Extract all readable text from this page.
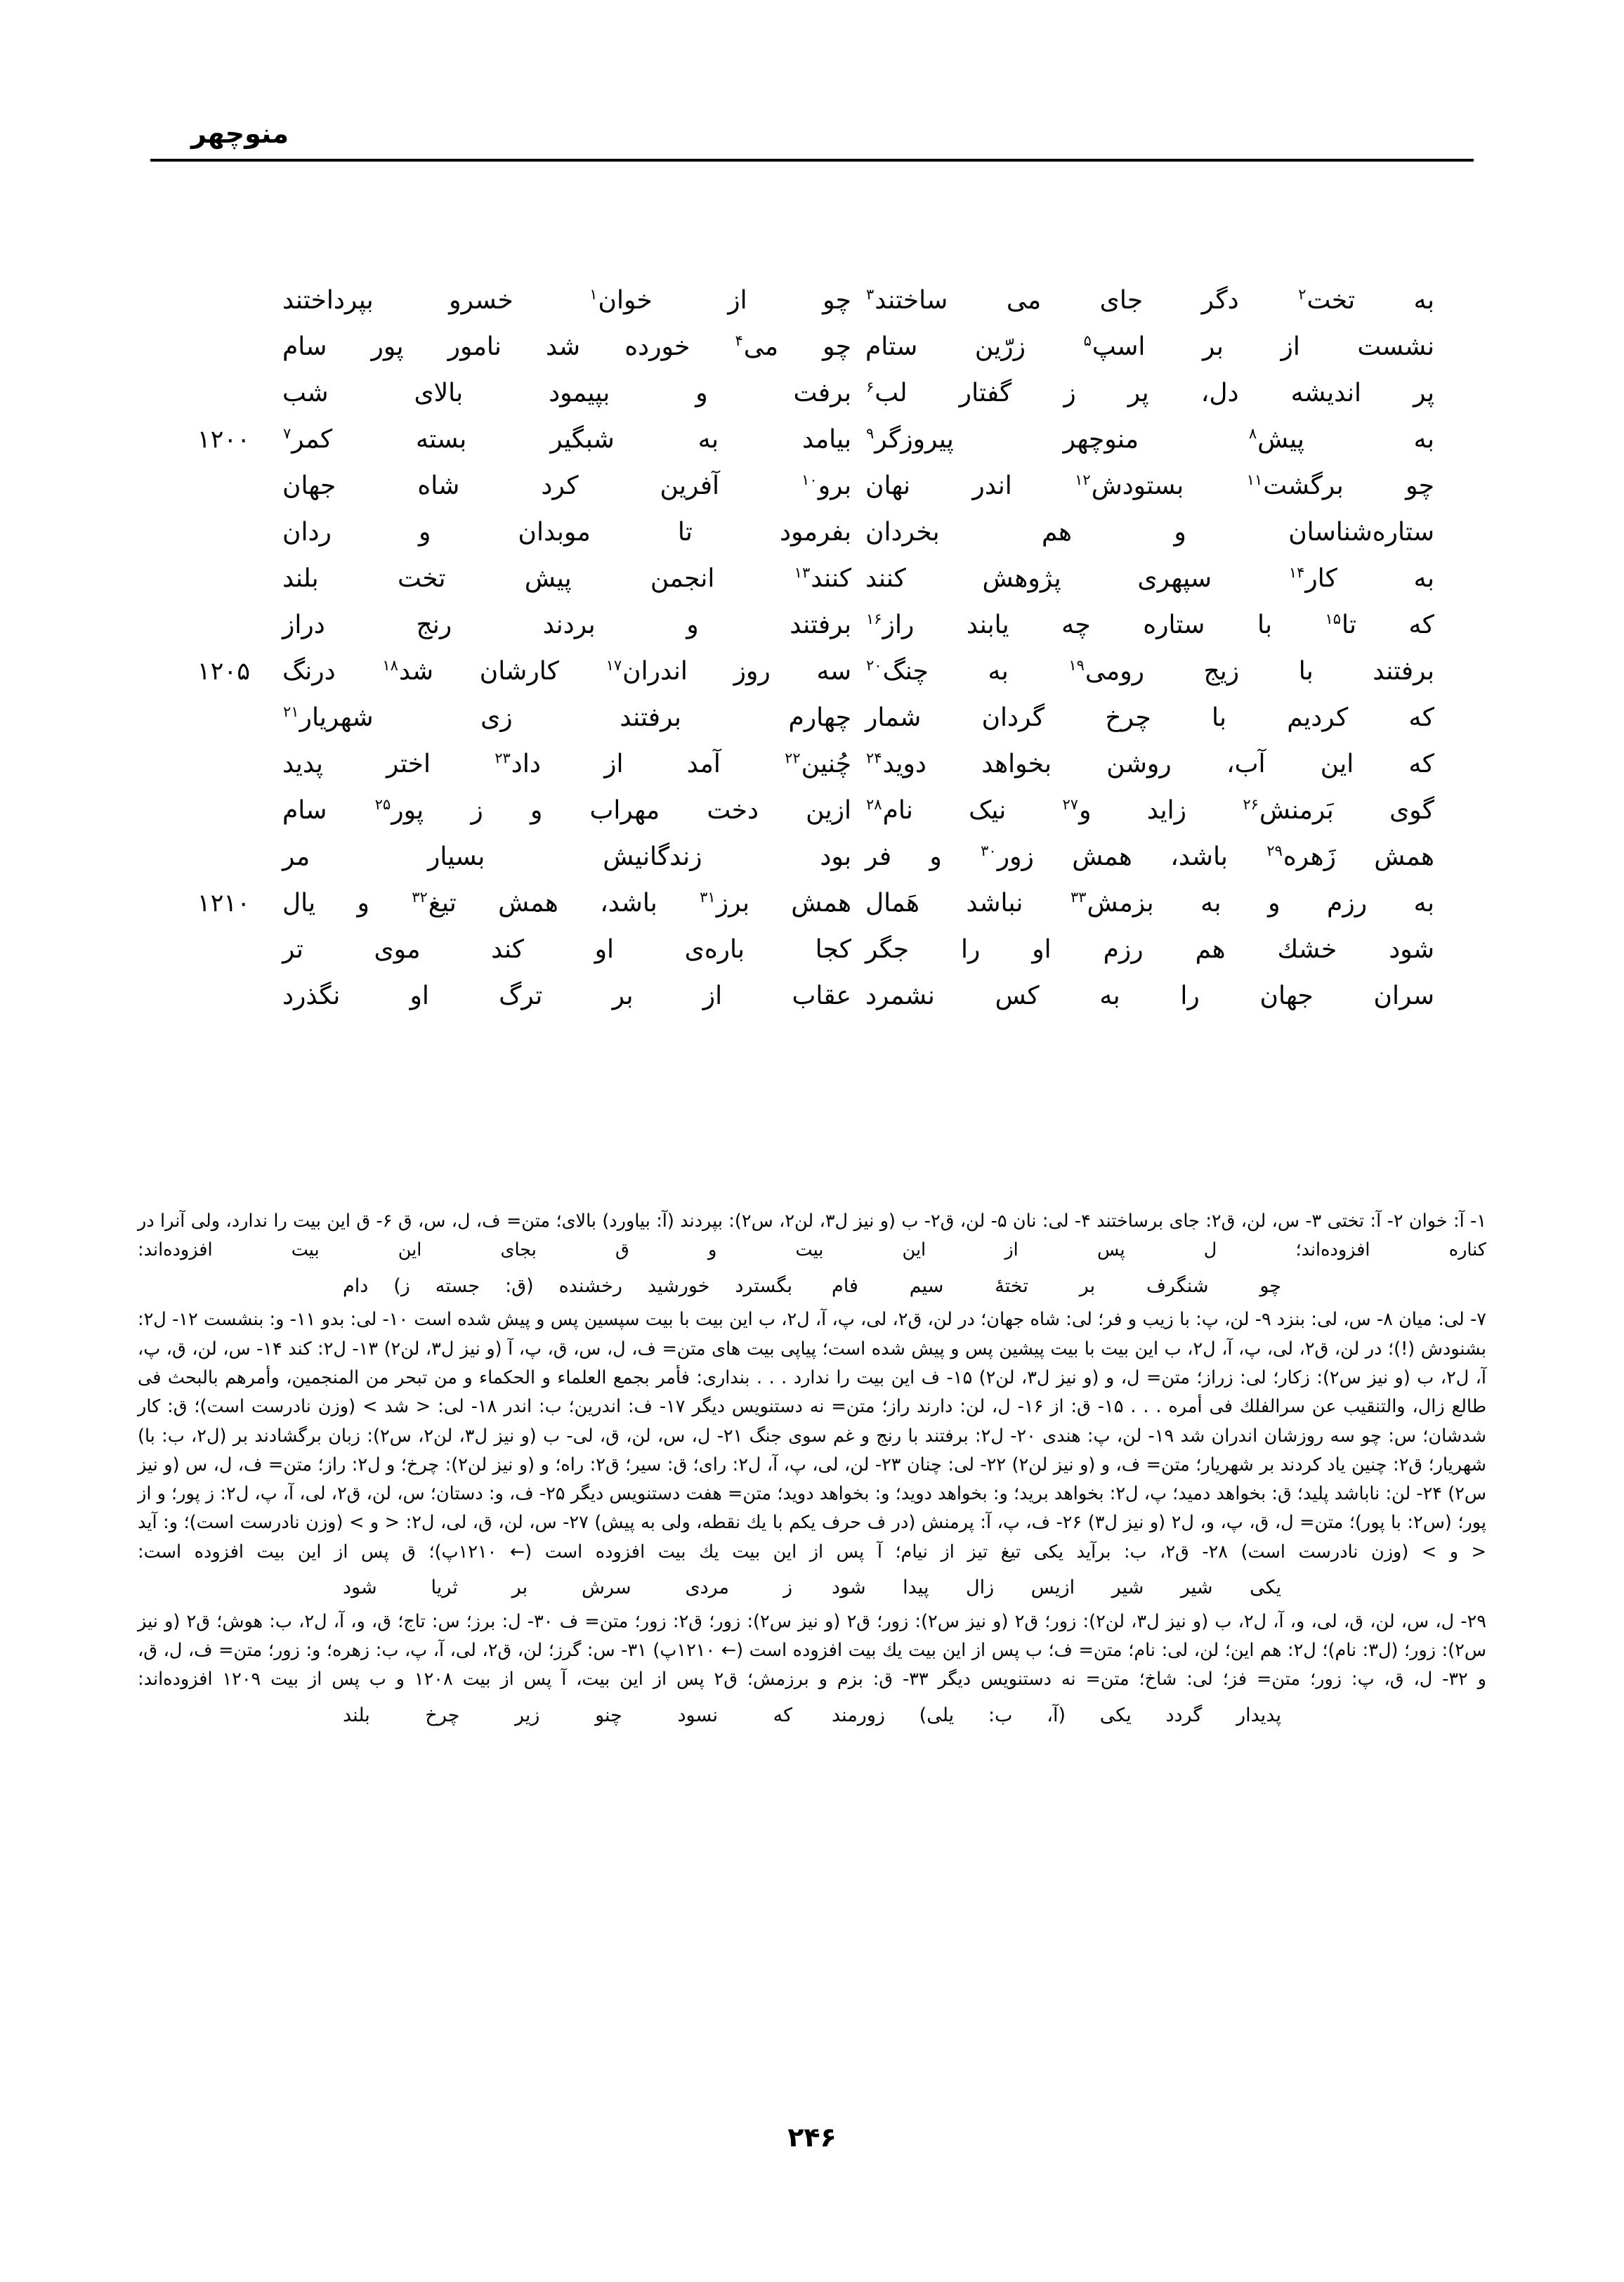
منوچهر
به تخت$^٢$ دگر جای می ساختند$^٣$
چو از خوان$^١$ خسرو بپرداختند
نشست از بر اسپ$^۵$ زرّین ستام
چو می$^۴$ خورده شد نامور پور سام
پر اندیشه دل، پر ز گفتار لب$^۶$
برفت و بپیمود بالای شب
به پیش$^٨$ منوچهر پیروزگر$^٩$
بیامد به شبگیر بسته کمر$^٧$
۱۲۰۰
چو برگشت$^{١١}$ بستودش$^{١٢}$ اندر نهان
برو$^{١٠}$ آفرین کرد شاه جهان
ستاره‌شناسان و هم بخردان
بفرمود تا موبدان و ردان
به کار$^{١۴}$ سپهری پژوهش کنند
کنند$^{١٣}$ انجمن پیش تخت بلند
که تا$^{١۵}$ با ستاره چه یابند راز$^{١۶}$
برفتند و بردند رنج دراز
برفتند با زیج رومی$^{١٩}$ به چنگ$^{٢٠}$
سه روز اندران$^{١٧}$ کارشان شد$^{١٨}$ درنگ
۱۲۰۵
که کردیم با چرخ گردان شمار
چهارم برفتند زی شهریار$^{٢١}$
که این آب، روشن بخواهد دوید$^{٢۴}$
چُنین$^{٢٢}$ آمد از داد$^{٢٣}$ اختر پدید
گوی بَرمنش$^{٢۶}$ زاید و$^{٢٧}$ نیک نام$^{٢٨}$
ازین دخت مهراب و ز پور$^{٢۵}$ سام
همش زَهره$^{٢٩}$ باشد، همش زور$^{٣٠}$ و فر
بود زندگانیش بسیار مر
به رزم و به بزمش$^{٣٣}$ نباشد هَمال
همش برز$^{٣١}$ باشد، همش تیغ$^{٣٢}$ و یال
۱۲۱۰
شود خشك هم رزم او را جگر
کجا باره‌ی او کند موی تر
سران جهان را به کس نشمرد
عقاب از بر ترگ او نگذرد

۱- آ: خوان ۲- آ: تختی ۳- س، لن، ق٢: جای برساختند ۴- لی: نان ۵- لن، ق٢- ب (و نیز ل٣، لن٢، س٢): بپردند (آ: بیاورد) بالای؛ متن= ف، ل، س، ق ۶- ق این بیت را ندارد، ولی آنرا در کناره افزوده‌اند؛ ل پس از این بیت و ق بجای این بیت افزوده‌اند:

چو شنگرف بر تختهٔ سیم فام
بگسترد خورشید رخشنده (ق: جسته ز) دام

٧- لی: میان ٨- س، لی: بنزد ٩- لن، پ: با زیب و فر؛ لی: شاه جهان؛ در لن، ق٢، لی، پ، آ، ل٢، ب این بیت با بیت سپسین پس و پیش شده است ١٠- لی: بدو ١١- و: بنشست ١٢- ل٢: بشنودش (!)؛ در لن، ق٢، لی، پ، آ، ل٢، ب این بیت با بیت پیشین پس و پیش شده است؛ پیاپی بیت های متن= ف، ل، س، ق، پ، آ (و نیز ل٣، لن٢) ١٣- ل٢: کند ١۴- س، لن، ق، پ، آ، ل٢، ب (و نیز س٢): زکار؛ لی: زراز؛ متن= ل، و (و نیز ل٣، لن٢) ١۵- ف این بیت را ندارد . . . بنداری: فأمر بجمع العلماء و الحكماء و من تبحر من المنجمین، وأمرهم بالبحث فی طالع زال، والتنقیب عن سرالفلك فی أمره . . . ١۵- ق: از ١۶- ل، لن: دارند راز؛ متن= نه دستنویس دیگر ١٧- ف: اندرین؛ ب: اندر ١٨- لی: < شد > (وزن نادرست است)؛ ق: کار شدشان؛ س: چو سه روزشان اندران شد ١٩- لن، پ: هندی ٢٠- ل٢: برفتند با رنج و غم سوی جنگ ٢١- ل، س، لن، ق، لی- ب (و نیز ل٣، لن٢، س٢): زبان برگشادند بر (ل٢، ب: با) شهریار؛ ق٢: چنین یاد کردند بر شهریار؛ متن= ف، و (و نیز لن٢) ٢٢- لی: چنان ٢٣- لن، لی، پ، آ، ل٢: رای؛ ق: سیر؛ ق٢: راه؛ و (و نیز لن٢): چرخ؛ و ل٢: راز؛ متن= ف، ل، س (و نیز س٢) ٢۴- لن: ناباشد پلید؛ ق: بخواهد دمید؛ پ، ل٢: بخواهد برید؛ و: بخواهد دوید؛ و: بخواهد دوید؛ متن= هفت دستنویس دیگر ٢۵- ف، و: دستان؛ س، لن، ق٢، لی، آ، پ، ل٢: ز پور؛ و از پور؛ (س٢: با پور)؛ متن= ل، ق، پ، و، ل٢ (و نیز ل٣) ٢۶- ف، پ، آ: پرمنش (در ف حرف یکم با یك نقطه، ولی به پیش) ٢٧- س، لن، ق، لی، ل٢: < و > (وزن نادرست است)؛ و: آید < و > (وزن نادرست است) ٢٨- ق٢، ب: برآید یکی تیغ تیز از نیام؛ آ پس از این بیت یك بیت افزوده است (← ١٢١٠پ)؛ ق پس از این بیت افزوده است:

یکی شیر شیر ازیس زال پیدا شود
ز مردی سرش بر ثریا شود

٢٩- ل، س، لن، ق، لی، و، آ، ل٢، ب (و نیز ل٣، لن٢): زور؛ ق٢ (و نیز س٢): زور؛ ق٢ (و نیز س٢): زور؛ ق٢: زور؛ متن= ف ٣٠- ل: برز؛ س: تاج؛ ق، و، آ، ل٢، ب: هوش؛ ق٢ (و نیز س٢): زور؛ (ل٣: نام)؛ ل٢: هم این؛ لن، لی: نام؛ متن= ف؛ ب پس از این بیت یك بیت افزوده است (← ١٢١٠پ) ٣١- س: گرز؛ لن، ق٢، لی، آ، پ، ب: زهره؛ و: زور؛ متن= ف، ل، ق، و ٣٢- ل، ق، پ: زور؛ متن= فز؛ لی: شاخ؛ متن= نه دستنویس دیگر ٣٣- ق: بزم و برزمش؛ ق٢ پس از این بیت، آ پس از بیت ١٢٠٨ و ب پس از بیت ١٢٠٩ افزوده‌اند:

پدیدار گردد یکی (آ، ب: یلی) زورمند
که نسود چنو زیر چرخ بلند
۲۴۶
